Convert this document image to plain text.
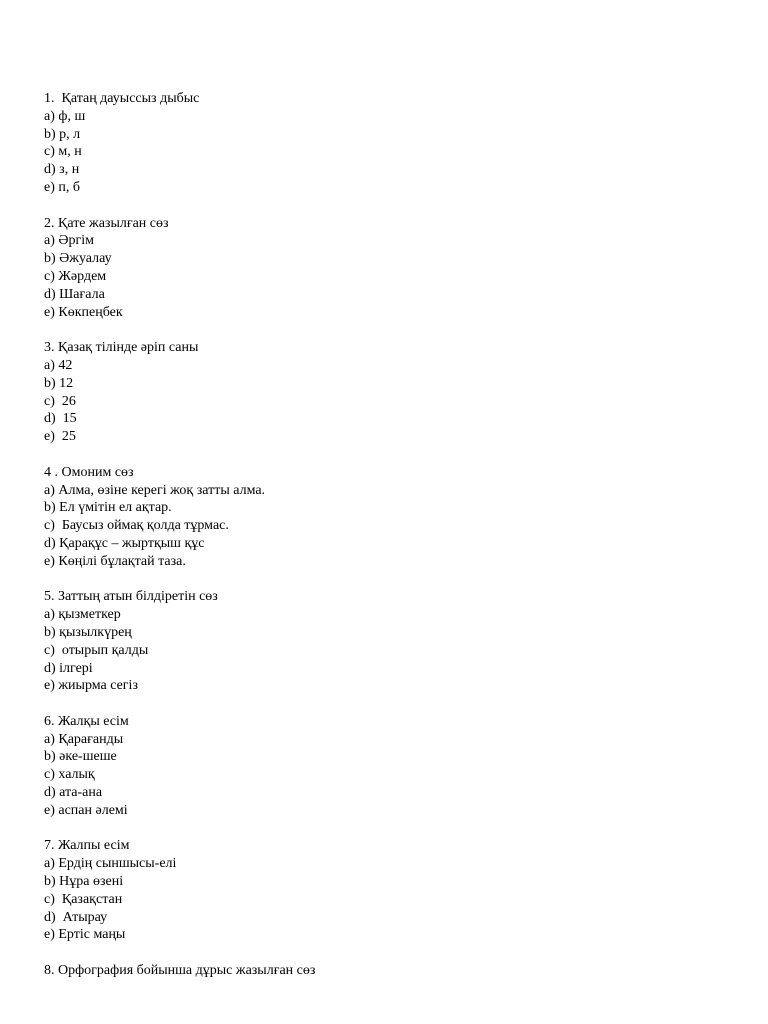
1.  Қатаң дауыссыз дыбыс
a) ф, ш
b) р, л
c) м, н
d) з, н
e) п, б
2. Қате жазылған сөз
a) Әргім
b) Әжуалау
c) Жәрдем
d) Шағала
e) Көкпеңбек
3. Қазақ тілінде әріп саны
a) 42
b) 12
c)  26
d)  15
e)  25
4 . Омоним сөз
a) Алма, өзіне керегі жоқ затты алма.
b) Ел үмітін ел ақтар.
c)  Баусыз оймақ қолда тұрмас.
d) Қарақұс – жыртқыш құс
e) Көңілі бұлақтай таза.
5. Заттың атын білдіретін сөз
a) қызметкер
b) қызылкүрең
c)  отырып қалды
d) ілгері
e) жиырма сегіз
6. Жалқы есім
a) Қарағанды
b) әке-шеше
c) халық
d) ата-ана
e) аспан әлемі
7. Жалпы есім
a) Ердің сыншысы-елі
b) Нұра өзені
c)  Қазақстан
d)  Атырау
e) Ертіс маңы
8. Орфография бойынша дұрыс жазылған сөз
